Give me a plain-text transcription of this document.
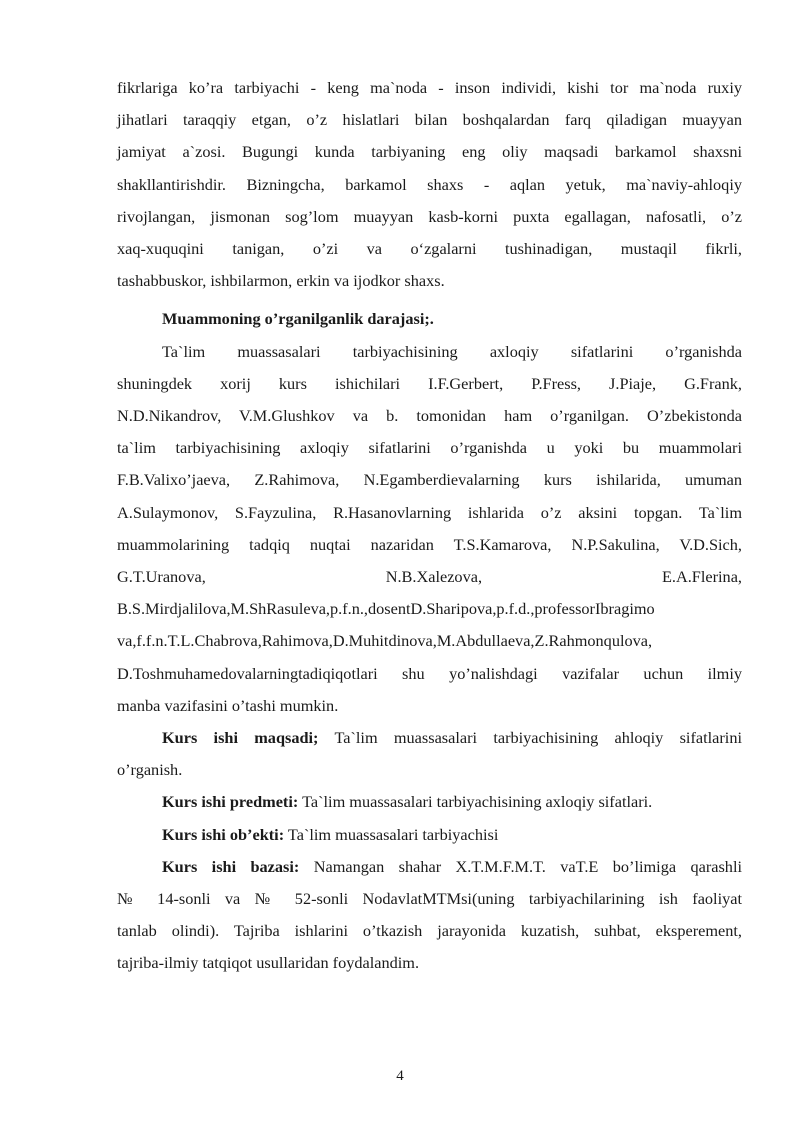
fikrlariga ko’ra tarbiyachi - keng ma`noda - inson individi, kishi tor ma`noda ruxiy
jihatlari taraqqiy etgan, o’z hislatlari bilan boshqalardan farq qiladigan muayyan
jamiyat a`zosi. Bugungi kunda tarbiyaning eng oliy maqsadi barkamol shaxsni
shakllantirishdir. Bizningcha, barkamol shaxs - aqlan yetuk, ma`naviy-ahloqiy
rivojlangan, jismonan sog’lom muayyan kasb-korni puxta egallagan, nafosatli, o’z
xaq-xuquqini tanigan, o’zi va o‘zgalarni tushinadigan, mustaqil fikrli,
tashabbuskor, ishbilarmon, erkin va ijodkor shaxs.
Muammoning o’rganilganlik darajasi;.
Ta`lim muassasalari tarbiyachisining axloqiy sifatlarini o’rganishda
shuningdek xorij kurs ishichilari I.F.Gerbert, P.Fress, J.Piaje, G.Frank,
N.D.Nikandrov, V.M.Glushkov va b. tomonidan ham o’rganilgan. O’zbekistonda
ta`lim tarbiyachisining axloqiy sifatlarini o’rganishda u yoki bu muammolari
F.B.Valixo’jaeva, Z.Rahimova, N.Egamberdievalarning kurs ishilarida, umuman
A.Sulaymonov, S.Fayzulina, R.Hasanovlarning ishlarida o’z aksini topgan. Ta`lim
muammolarining tadqiq nuqtai nazaridan T.S.Kamarova, N.P.Sakulina, V.D.Sich,
G.T.Uranova, N.B.Xalezova, E.A.Flerina,
B.S.Mirdjalilova,M.ShRasuleva,p.f.n.,dosentD.Sharipova,p.f.d.,professorIbragimo
va,f.f.n.T.L.Chabrova,Rahimova,D.Muhitdinova,M.Abdullaeva,Z.Rahmonqulova,
D.Toshmuhamedovalarningtadiqiqotlari shu yo’nalishdagi vazifalar uchun ilmiy
manba vazifasini o’tashi mumkin.
Kurs ishi maqsadi; Ta`lim muassasalari tarbiyachisining ahloqiy sifatlarini
o’rganish.
Kurs ishi predmeti: Ta`lim muassasalari tarbiyachisining axloqiy sifatlari.
Kurs ishi ob’ekti: Ta`lim muassasalari tarbiyachisi
Kurs ishi bazasi: Namangan shahar X.T.M.F.M.T. vaT.E bo’limiga qarashli
№ 14-sonli va № 52-sonli NodavlatMTMsi(uning tarbiyachilarining ish faoliyat
tanlab olindi). Tajriba ishlarini o’tkazish jarayonida kuzatish, suhbat, eksperement,
tajriba-ilmiy tatqiqot usullaridan foydalandim.
4
